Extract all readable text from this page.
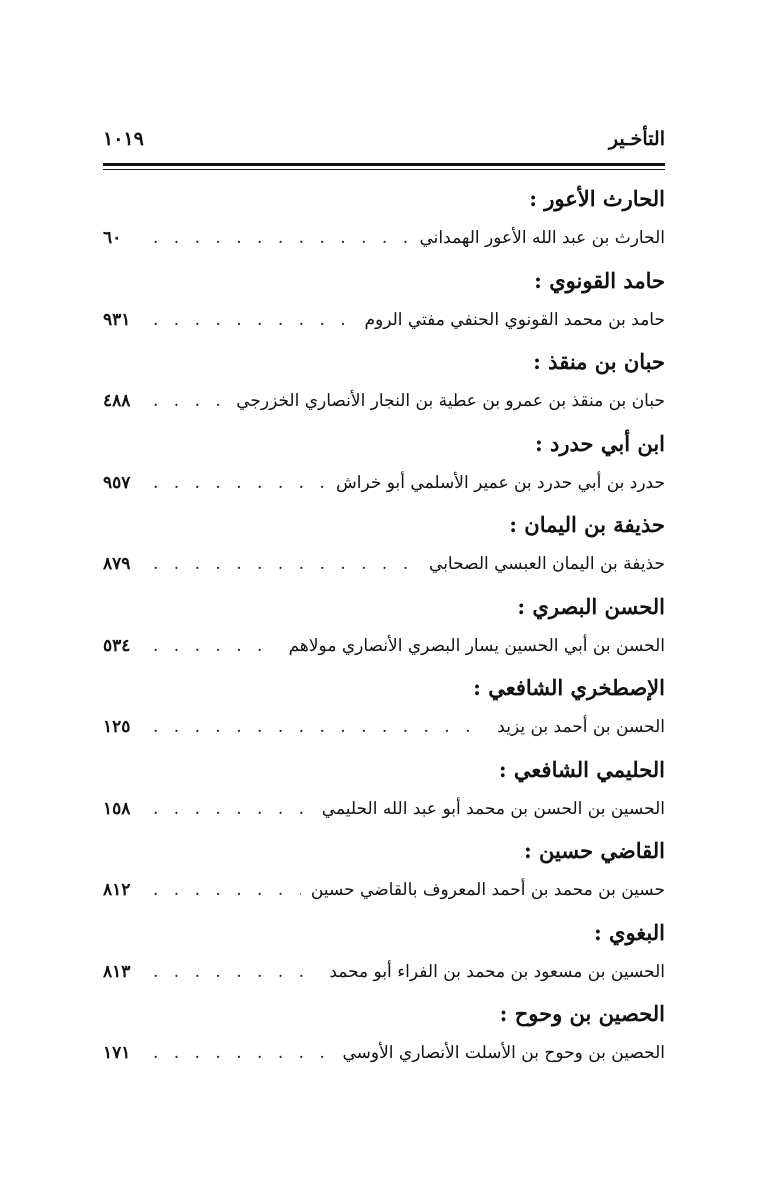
التأخـير
١٠١٩
الحارث الأعور :
الحارث بن عبد الله الأعور الهمداني
. . .
٦٠
حامد القونوي :
حامد بن محمد القونوي الحنفي مفتي الروم
. . .
٩٣١
حبان بن منقذ :
حبان بن منقذ بن عمرو بن عطية بن النجار الأنصاري الخزرجي
. . .
٤٨٨
ابن أبي حدرد :
حدرد بن أبي حدرد بن عمير الأسلمي أبو خراش
. . .
٩٥٧
حذيفة بن اليمان :
حذيفة بن اليمان العبسي الصحابي
. . .
٨٧٩
الحسن البصري :
الحسن بن أبي الحسين يسار البصري الأنصاري مولاهم
. . .
٥٣٤
الإصطخري الشافعي :
الحسن بن أحمد بن يزيد
. . .
١٢٥
الحليمي الشافعي :
الحسين بن الحسن بن محمد أبو عبد الله الحليمي
. . .
١٥٨
القاضي حسين :
حسين بن محمد بن أحمد المعروف بالقاضي حسين
. . .
٨١٢
البغوي :
الحسين بن مسعود بن محمد بن الفراء أبو محمد
. . .
٨١٣
الحصين بن وحوح :
الحصين بن وحوح بن الأسلت الأنصاري الأوسي
. . .
١٧١
